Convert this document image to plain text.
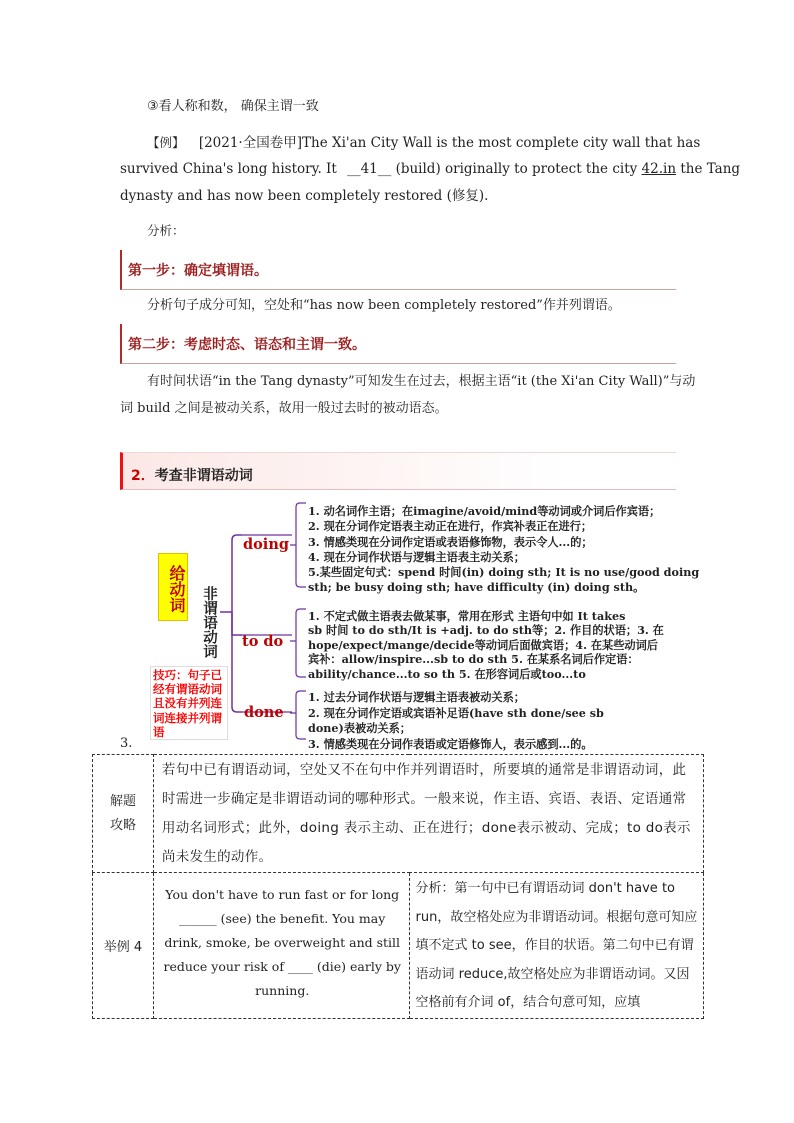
③看人称和数， 确保主谓一致
【例】 [2021·全国卷甲]The Xi'an City Wall is the most complete city wall that has
survived China's long history. It __41__ (build) originally to protect the city 42.in the Tang
dynasty and has now been completely restored (修复).
分析：
第一步：确定填谓语。
分析句子成分可知，空处和“has now been completely restored”作并列谓语。
第二步：考虑时态、语态和主谓一致。
有时间状语“in the Tang dynasty”可知发生在过去，根据主语“it (the Xi'an City Wall)”与动
词 build 之间是被动关系，故用一般过去时的被动语态。
2．考查非谓语动词
给动词 非谓语动词
技巧：句子已经有谓语动词且没有并列连词连接并列谓语
doing
to do
done
1. 动名词作主语；在imagine/avoid/mind等动词或介词后作宾语；
2. 现在分词作定语表主动正在进行，作宾补表正在进行；
3. 情感类现在分词作定语或表语修饰物，表示令人...的；
4. 现在分词作状语与逻辑主语表主动关系；
5.某些固定句式：spend 时间(in) doing sth; It is no use/good doing
sth; be busy doing sth; have difficulty (in) doing sth。
1. 不定式做主语表去做某事，常用在形式 主语句中如 It takes
sb 时间 to do sth/It is +adj. to do sth等；2. 作目的状语；3. 在
hope/expect/mange/decide等动词后面做宾语；4. 在某些动词后
宾补：allow/inspire...sb to do sth 5. 在某系名词后作定语：
ability/chance...to so th 5. 在形容词后或too...to
1. 过去分词作状语与逻辑主语表被动关系；
2. 现在分词作定语或宾语补足语(have sth done/see sb
done)表被动关系；
3. 情感类现在分词作表语或定语修饰人，表示感到...的。
3.
解题攻略	若句中已有谓语动词，空处又不在句中作并列谓语时，所要填的通常是非谓语动词，此时需进一步确定是非谓语动词的哪种形式。一般来说，作主语、宾语、表语、定语通常用动名词形式；此外，doing 表示主动、正在进行；done表示被动、完成；to do表示尚未发生的动作。	
举例 4	You don't have to run fast or for long ______ (see) the benefit. You may drink, smoke, be overweight and still reduce your risk of ____ (die) early by running.	分析：第一句中已有谓语动词 don't have to run，故空格处应为非谓语动词。根据句意可知应填不定式 to see，作目的状语。第二句中已有谓语动词 reduce,故空格处应为非谓语动词。又因空格前有介词 of，结合句意可知，应填
